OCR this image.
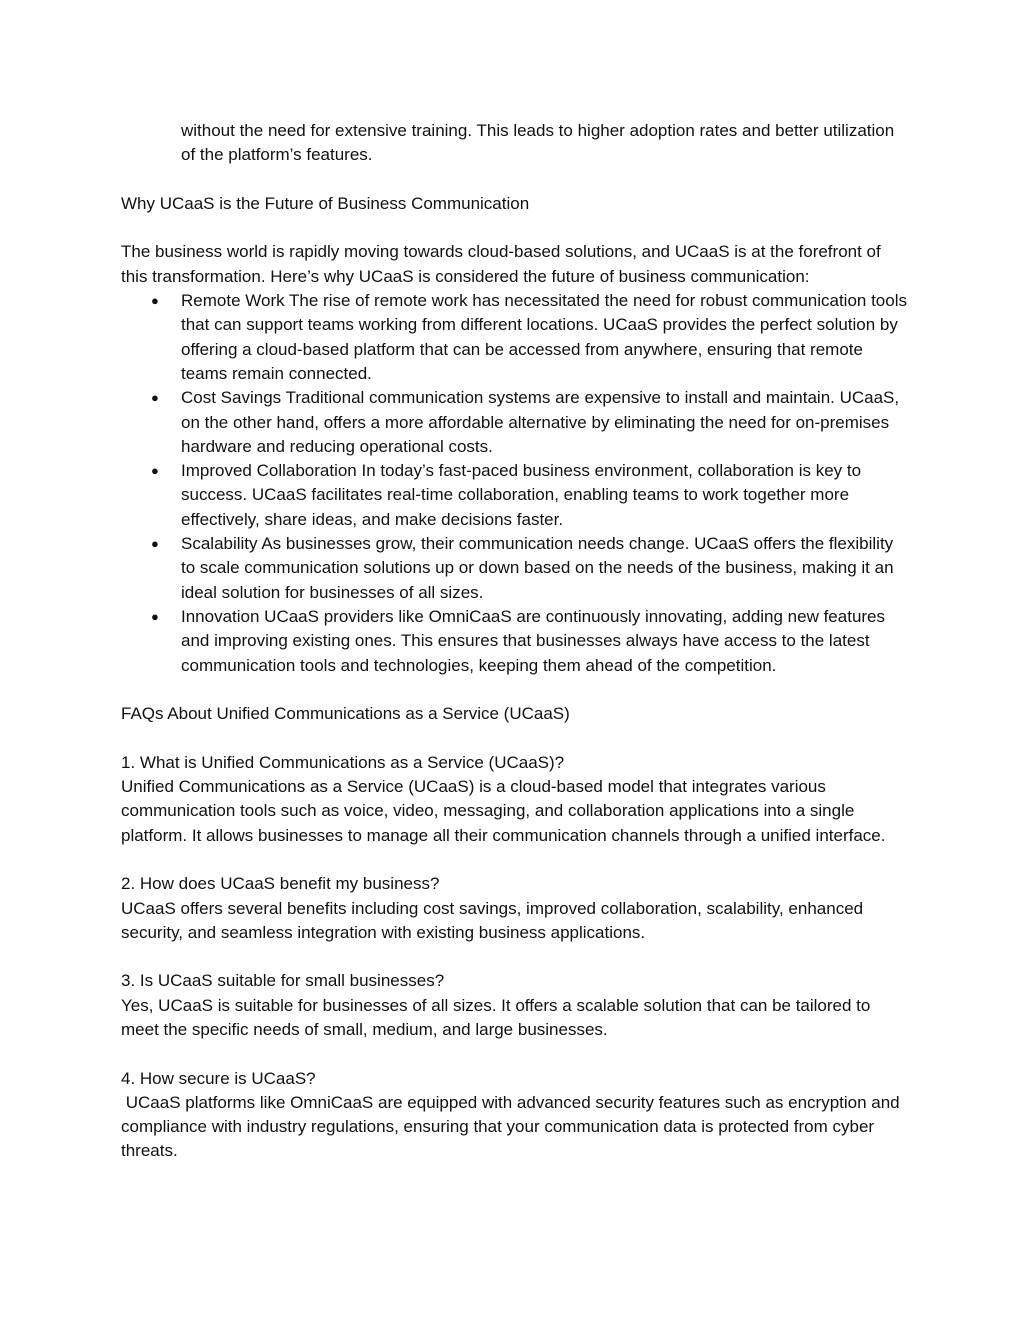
without the need for extensive training. This leads to higher adoption rates and better utilization of the platform’s features.

Why UCaaS is the Future of Business Communication

The business world is rapidly moving towards cloud-based solutions, and UCaaS is at the forefront of this transformation. Here’s why UCaaS is considered the future of business communication:

● Remote Work The rise of remote work has necessitated the need for robust communication tools that can support teams working from different locations. UCaaS provides the perfect solution by offering a cloud-based platform that can be accessed from anywhere, ensuring that remote teams remain connected.
● Cost Savings Traditional communication systems are expensive to install and maintain. UCaaS, on the other hand, offers a more affordable alternative by eliminating the need for on-premises hardware and reducing operational costs.
● Improved Collaboration In today’s fast-paced business environment, collaboration is key to success. UCaaS facilitates real-time collaboration, enabling teams to work together more effectively, share ideas, and make decisions faster.
● Scalability As businesses grow, their communication needs change. UCaaS offers the flexibility to scale communication solutions up or down based on the needs of the business, making it an ideal solution for businesses of all sizes.
● Innovation UCaaS providers like OmniCaaS are continuously innovating, adding new features and improving existing ones. This ensures that businesses always have access to the latest communication tools and technologies, keeping them ahead of the competition.

FAQs About Unified Communications as a Service (UCaaS)

1. What is Unified Communications as a Service (UCaaS)?

Unified Communications as a Service (UCaaS) is a cloud-based model that integrates various communication tools such as voice, video, messaging, and collaboration applications into a single platform. It allows businesses to manage all their communication channels through a unified interface.

2. How does UCaaS benefit my business?

UCaaS offers several benefits including cost savings, improved collaboration, scalability, enhanced security, and seamless integration with existing business applications.

3. Is UCaaS suitable for small businesses?

Yes, UCaaS is suitable for businesses of all sizes. It offers a scalable solution that can be tailored to meet the specific needs of small, medium, and large businesses.

4. How secure is UCaaS?

UCaaS platforms like OmniCaaS are equipped with advanced security features such as encryption and compliance with industry regulations, ensuring that your communication data is protected from cyber threats.
